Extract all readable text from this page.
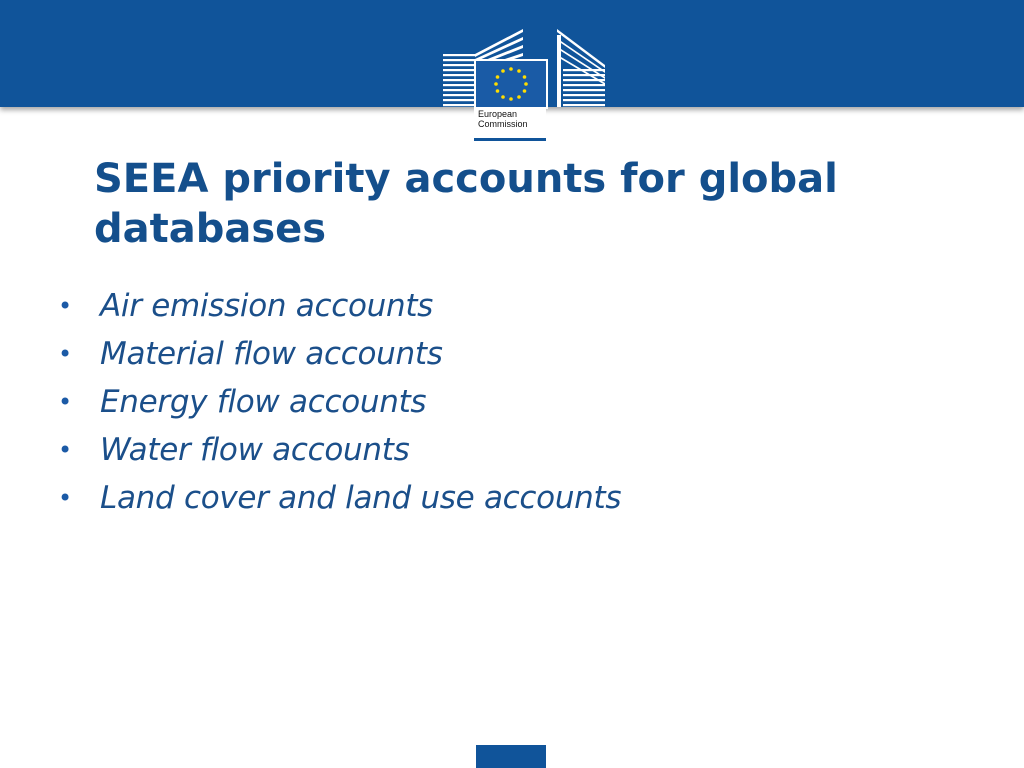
European
Commission
SEEA priority accounts for global
databases
• Air emission accounts
• Material flow accounts
• Energy flow accounts
• Water flow accounts
• Land cover and land use accounts
